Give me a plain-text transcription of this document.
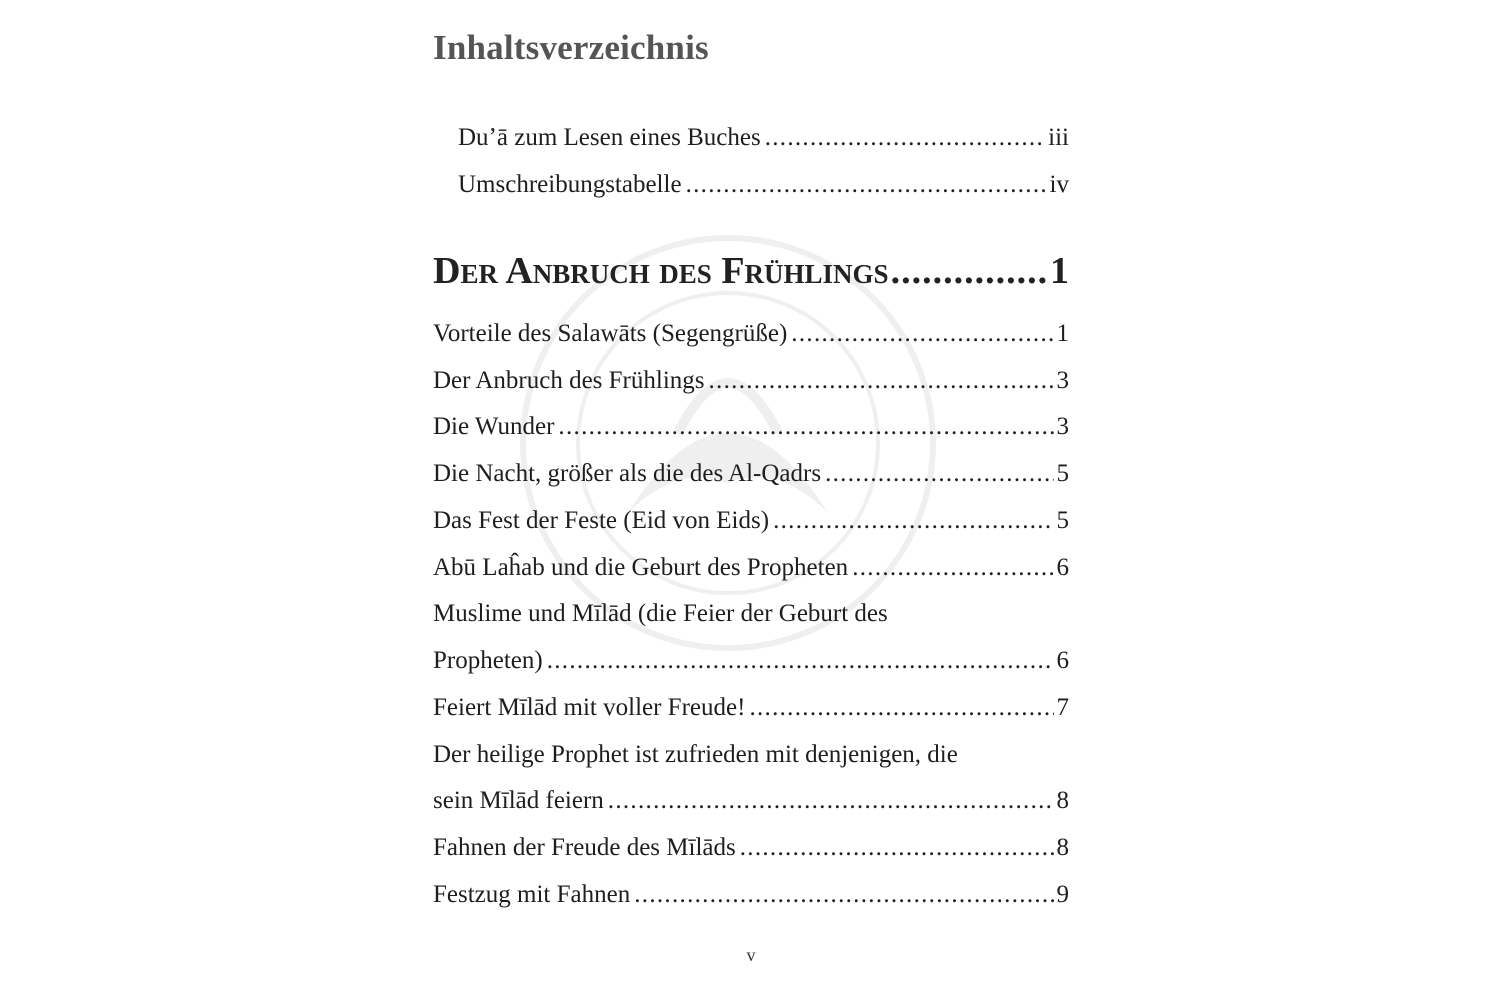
Inhaltsverzeichnis
Duʼā zum Lesen eines Buches .....	iii
Umschreibungstabelle .....	iv
Der Anbruch des Frühlings .....	1
Vorteile des Salawāts (Segengrüße) .....	1
Der Anbruch des Frühlings .....	3
Die Wunder .....	3
Die Nacht, größer als die des Al-Qadrs .....	5
Das Fest der Feste (Eid von Eids) .....	5
Abū Laĥab und die Geburt des Propheten .....	6
Muslime und Mīlād (die Feier der Geburt des
Propheten) .....	6
Feiert Mīlād mit voller Freude! .....	7
Der heilige Prophet ist zufrieden mit denjenigen, die
sein Mīlād feiern .....	8
Fahnen der Freude des Mīlāds .....	8
Festzug mit Fahnen .....	9
v
